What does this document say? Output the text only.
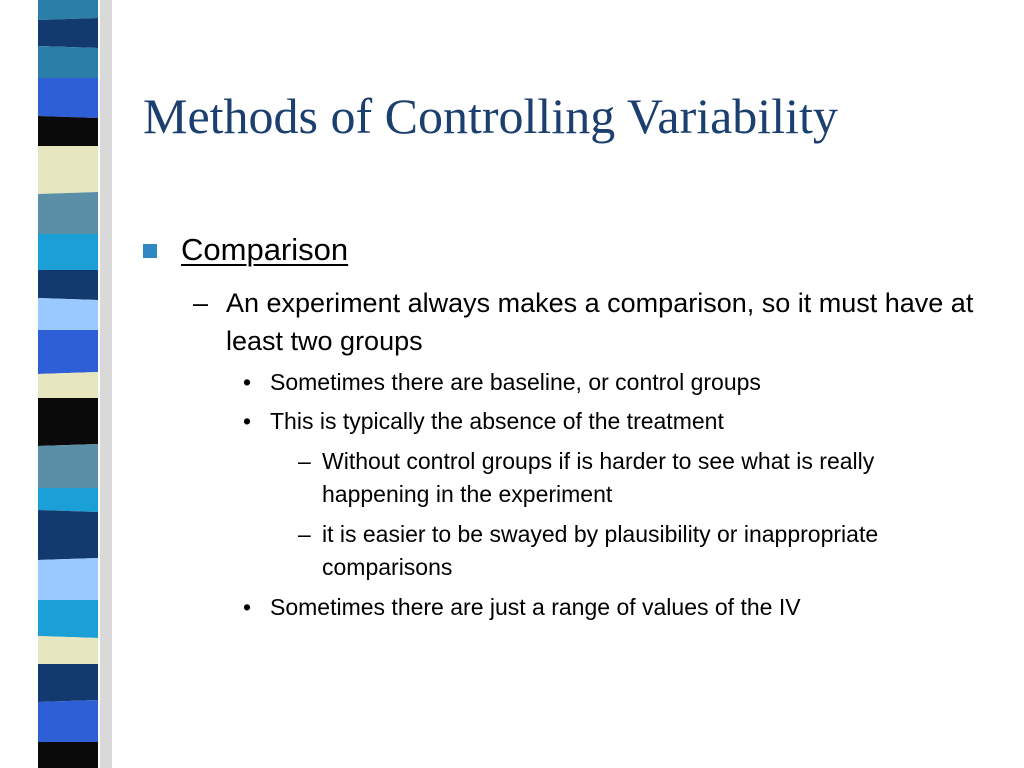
Methods of Controlling Variability
Comparison
– An experiment always makes a comparison, so it must have at least two groups
• Sometimes there are baseline, or control groups
• This is typically the absence of the treatment
– Without control groups if is harder to see what is really happening in the experiment
– it is easier to be swayed by plausibility or inappropriate comparisons
• Sometimes there are just a range of values of the IV
